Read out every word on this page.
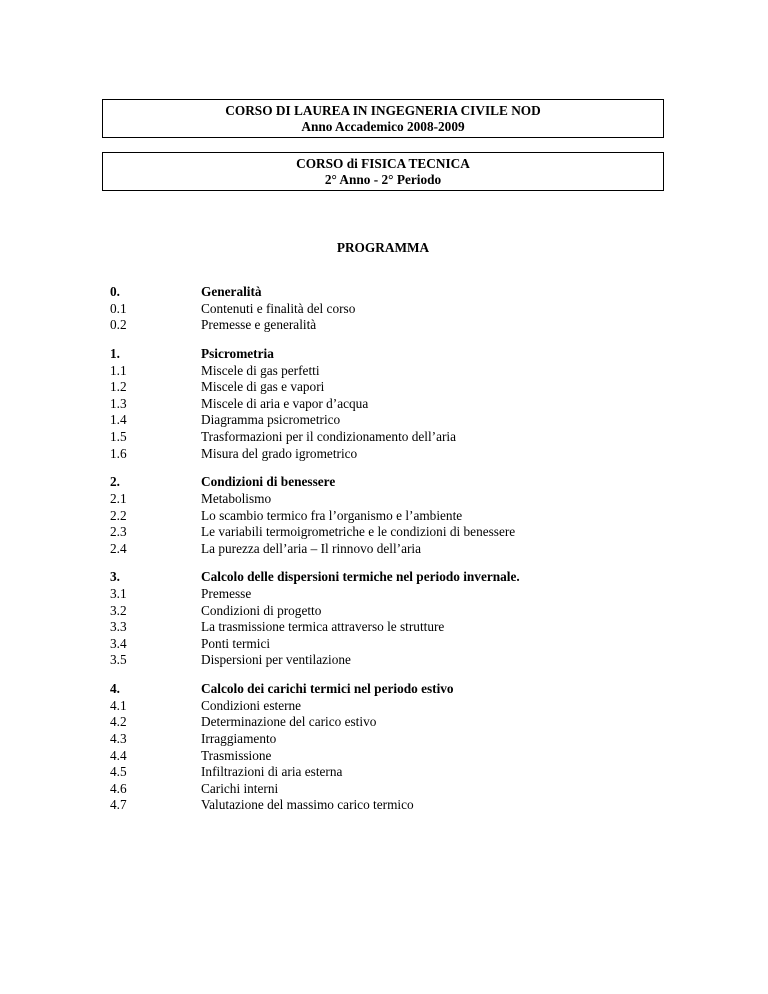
CORSO DI LAUREA IN INGEGNERIA CIVILE NOD
Anno Accademico 2008-2009
CORSO di FISICA TECNICA
2° Anno - 2° Periodo
PROGRAMMA
0.	Generalità
0.1	Contenuti e finalità del corso
0.2	Premesse e generalità
1.	Psicrometria
1.1	Miscele di gas perfetti
1.2	Miscele di gas e vapori
1.3	Miscele di aria e vapor d’acqua
1.4	Diagramma psicrometrico
1.5	Trasformazioni per il condizionamento dell’aria
1.6	Misura del grado igrometrico
2.	Condizioni di benessere
2.1	Metabolismo
2.2	Lo scambio termico fra l’organismo e l’ambiente
2.3	Le variabili termoigrometriche e le condizioni di benessere
2.4	La purezza dell’aria – Il rinnovo dell’aria
3.	Calcolo delle dispersioni termiche nel periodo invernale.
3.1	Premesse
3.2	Condizioni di progetto
3.3	La trasmissione termica attraverso le strutture
3.4	Ponti termici
3.5	Dispersioni per ventilazione
4.	Calcolo dei carichi termici nel periodo estivo
4.1	Condizioni esterne
4.2	Determinazione del carico estivo
4.3	Irraggiamento
4.4	Trasmissione
4.5	Infiltrazioni di aria esterna
4.6	Carichi interni
4.7	Valutazione del massimo carico termico
